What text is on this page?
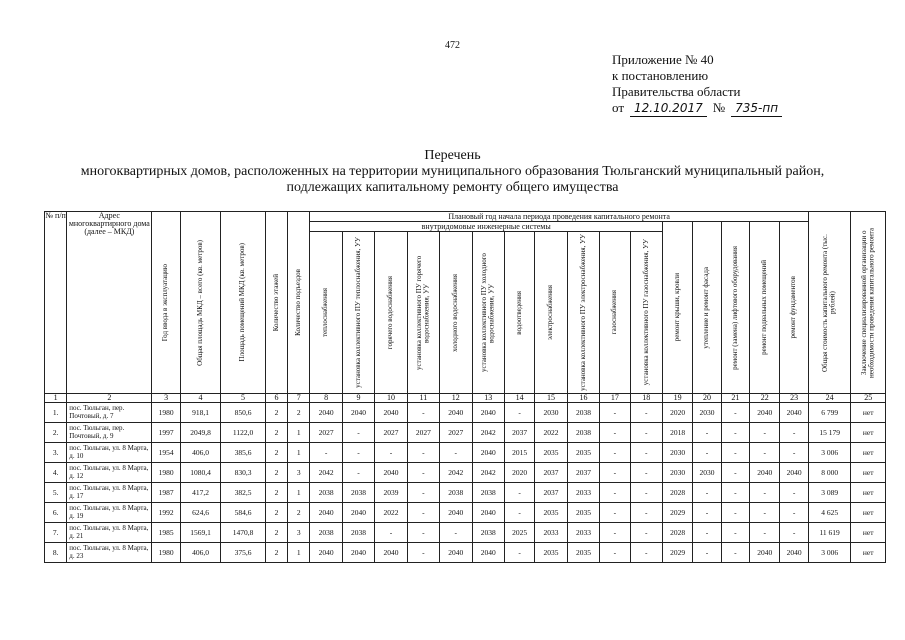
472
Приложение № 40
к постановлению
Правительства области
от 12.10.2017 № 735-пп
Перечень
многоквартирных домов, расположенных на территории муниципального образования Тюльганский муниципальный район,
подлежащих капитальному ремонту общего имущества
№ п/п	Адрес многоквартирного дома (далее – МКД)	Год ввода в эксплуатацию	Общая площадь МКД – всего (кв. метров)	Площадь помещений МКД (кв. метров)	Количество этажей	Количество подъездов	Плановый год начала периода проведения капитального ремонта																Общая стоимость капитального ремонта (тыс. рублей)	Заключение специализированной организации о необходимости проведения капитального ремонта

							внутридомовые инженерные системы											ремонт крыши, кровли	утепление и ремонт фасада	ремонт (замена) лифтового оборудования	ремонт подвальных помещений	ремонт фундаментов		

							теплоснабжения	установка коллективного ПУ теплоснабжения, УУ	горячего водоснабжения	установка коллективного ПУ горячего водоснабжения, УУ	холодного водоснабжения	установка коллективного ПУ холодного водоснабжения, УУ	водоотведения	электроснабжения	установка коллективного ПУ электроснабжения, УУ	газоснабжения	установка коллективного ПУ газоснабжения, УУ							

1	2	3	4	5	6	7	8	9	10	11	12	13	14	15	16	17	18	19	20	21	22	23	24	25
1.	пос. Тюльган, пер. Почтовый, д. 7	1980	918,1	850,6	2	2	2040	2040	2040	-	2040	2040	-	2030	2038	-	-	2020	2030	-	2040	2040	6 799	нет
2.	пос. Тюльган, пер. Почтовый, д. 9	1997	2049,8	1122,0	2	1	2027	-	2027	2027	2027	2042	2037	2022	2038	-	-	2018	-	-	-	-	15 179	нет
3.	пос. Тюльган, ул. 8 Марта, д. 10	1954	406,0	385,6	2	1	-	-	-	-	-	2040	2015	2035	2035	-	-	2030	-	-	-	-	3 006	нет
4.	пос. Тюльган, ул. 8 Марта, д. 12	1980	1080,4	830,3	2	3	2042	-	2040	-	2042	2042	2020	2037	2037	-	-	2030	2030	-	2040	2040	8 000	нет
5.	пос. Тюльган, ул. 8 Марта, д. 17	1987	417,2	382,5	2	1	2038	2038	2039	-	2038	2038	-	2037	2033	-	-	2028	-	-	-	-	3 089	нет
6.	пос. Тюльган, ул. 8 Марта, д. 19	1992	624,6	584,6	2	2	2040	2040	2022	-	2040	2040	-	2035	2035	-	-	2029	-	-	-	-	4 625	нет
7.	пос. Тюльган, ул. 8 Марта, д. 21	1985	1569,1	1470,8	2	3	2038	2038	-	-	-	2038	2025	2033	2033	-	-	2028	-	-	-	-	11 619	нет
8.	пос. Тюльган, ул. 8 Марта, д. 23	1980	406,0	375,6	2	1	2040	2040	2040	-	2040	2040	-	2035	2035	-	-	2029	-	-	2040	2040	3 006	нет
